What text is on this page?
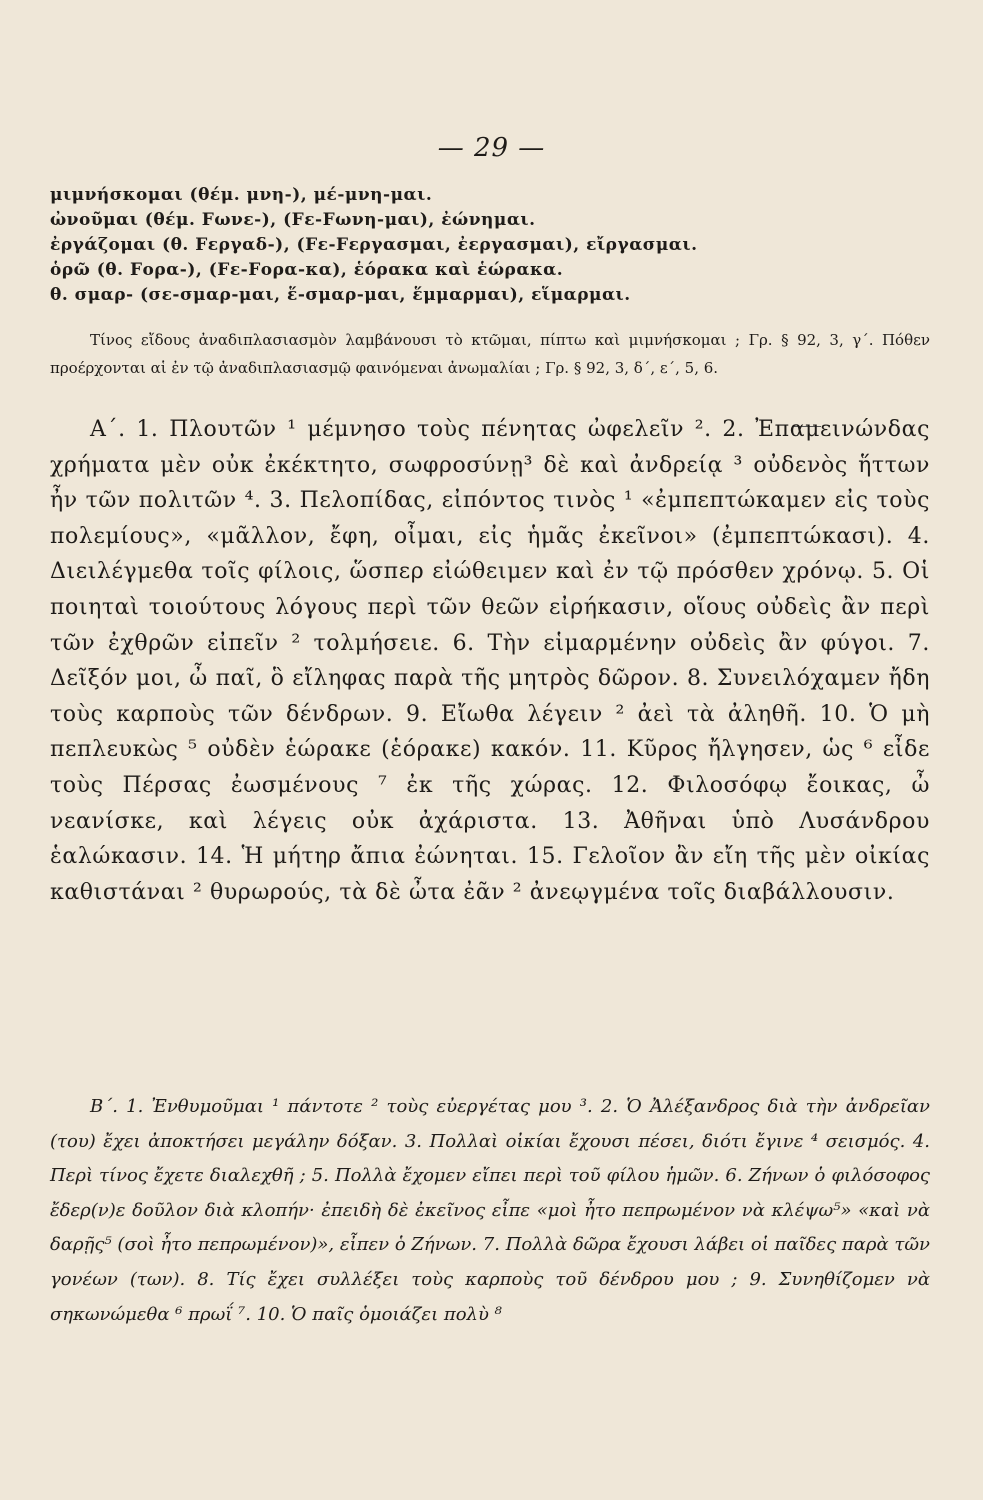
— 29 —
μιμνήσκομαι (θέμ. μνη-), μέ-μνη-μαι.
ὠνοῦμαι (θέμ. Fωνε-), (Fε-Fωνη-μαι), ἐώνημαι.
ἐργάζομαι (θ. Fεργαδ-), (Fε-Fεργασμαι, ἐεργασμαι), εἴργασμαι.
ὁρῶ (θ. Fορα-), (Fε-Fορα-κα), ἑόρακα καὶ ἑώρακα.
θ. σμαρ- (σε-σμαρ-μαι, ἕ-σμαρ-μαι, ἕμμαρμαι), εἵμαρμαι.

Τίνος εἴδους ἀναδιπλασιασμὸν λαμβάνουσι τὸ κτῶμαι, πίπτω καὶ μιμνήσκομαι ; Γρ. § 92, 3, γ΄. Πόθεν προέρχονται αἱ ἐν τῷ ἀναδιπλασιασμῷ φαινόμεναι ἀνωμαλίαι ; Γρ. § 92, 3, δ΄, ε΄, 5, 6.

Α΄. 1. Πλουτῶν ¹ μέμνησο τοὺς πένητας ὠφελεῖν ². 2. Ἐπαμεινώνδας χρήματα μὲν οὐκ ἐκέκτητο, σωφροσύνῃ³ δὲ καὶ ἀνδρείᾳ ³ οὐδενὸς ἥττων ἦν τῶν πολιτῶν ⁴. 3. Πελοπίδας, εἰπόντος τινὸς ¹ «ἐμπεπτώκαμεν εἰς τοὺς πολεμίους», «μᾶλλον, ἔφη, οἶμαι, εἰς ἡμᾶς ἐκεῖνοι» (ἐμπεπτώκασι). 4. Διειλέγμεθα τοῖς φίλοις, ὥσπερ εἰώθειμεν καὶ ἐν τῷ πρόσθεν χρόνῳ. 5. Οἱ ποιηταὶ τοιούτους λόγους περὶ τῶν θεῶν εἰρήκασιν, οἵους οὐδεὶς ἂν περὶ τῶν ἐχθρῶν εἰπεῖν ² τολμήσειε. 6. Τὴν εἱμαρμένην οὐδεὶς ἂν φύγοι. 7. Δεῖξόν μοι, ὦ παῖ, ὃ εἴληφας παρὰ τῆς μητρὸς δῶρον. 8. Συνειλόχαμεν ἤδη τοὺς καρποὺς τῶν δένδρων. 9. Εἴωθα λέγειν ² ἀεὶ τὰ ἀληθῆ. 10. Ὁ μὴ πεπλευκὼς ⁵ οὐδὲν ἑώρακε (ἑόρακε) κακόν. 11. Κῦρος ἤλγησεν, ὡς ⁶ εἶδε τοὺς Πέρσας ἐωσμένους ⁷ ἐκ τῆς χώρας. 12. Φιλοσόφῳ ἔοικας, ὦ νεανίσκε, καὶ λέγεις οὐκ ἀχάριστα. 13. Ἀθῆναι ὑπὸ Λυσάνδρου ἑαλώκασιν. 14. Ἡ μήτηρ ἄπια ἐώνηται. 15. Γελοῖον ἂν εἴη τῆς μὲν οἰκίας καθιστάναι ² θυρωρούς, τὰ δὲ ὦτα ἐᾶν ² ἀνεῳγμένα τοῖς διαβάλλουσιν.

Β΄. 1. Ἐνθυμοῦμαι ¹ πάντοτε ² τοὺς εὐεργέτας μου ³. 2. Ὁ Ἀλέξανδρος διὰ τὴν ἀνδρεῖαν (του) ἔχει ἀποκτήσει μεγάλην δόξαν. 3. Πολλαὶ οἰκίαι ἔχουσι πέσει, διότι ἔγινε ⁴ σεισμός. 4. Περὶ τίνος ἔχετε διαλεχθῆ ; 5. Πολλὰ ἔχομεν εἴπει περὶ τοῦ φίλου ἡμῶν. 6. Ζήνων ὁ φιλόσοφος ἔδερ(ν)ε δοῦλον διὰ κλοπήν· ἐπειδὴ δὲ ἐκεῖνος εἶπε «μοὶ ἦτο πεπρωμένον νὰ κλέψω⁵» «καὶ νὰ δαρῇς⁵ (σοὶ ἦτο πεπρωμένον)», εἶπεν ὁ Ζήνων. 7. Πολλὰ δῶρα ἔχουσι λάβει οἱ παῖδες παρὰ τῶν γονέων (των). 8. Τίς ἔχει συλλέξει τοὺς καρποὺς τοῦ δένδρου μου ; 9. Συνηθίζομεν νὰ σηκωνώμεθα ⁶ πρωΐ ⁷. 10. Ὁ παῖς ὁμοιάζει πολὺ ⁸
